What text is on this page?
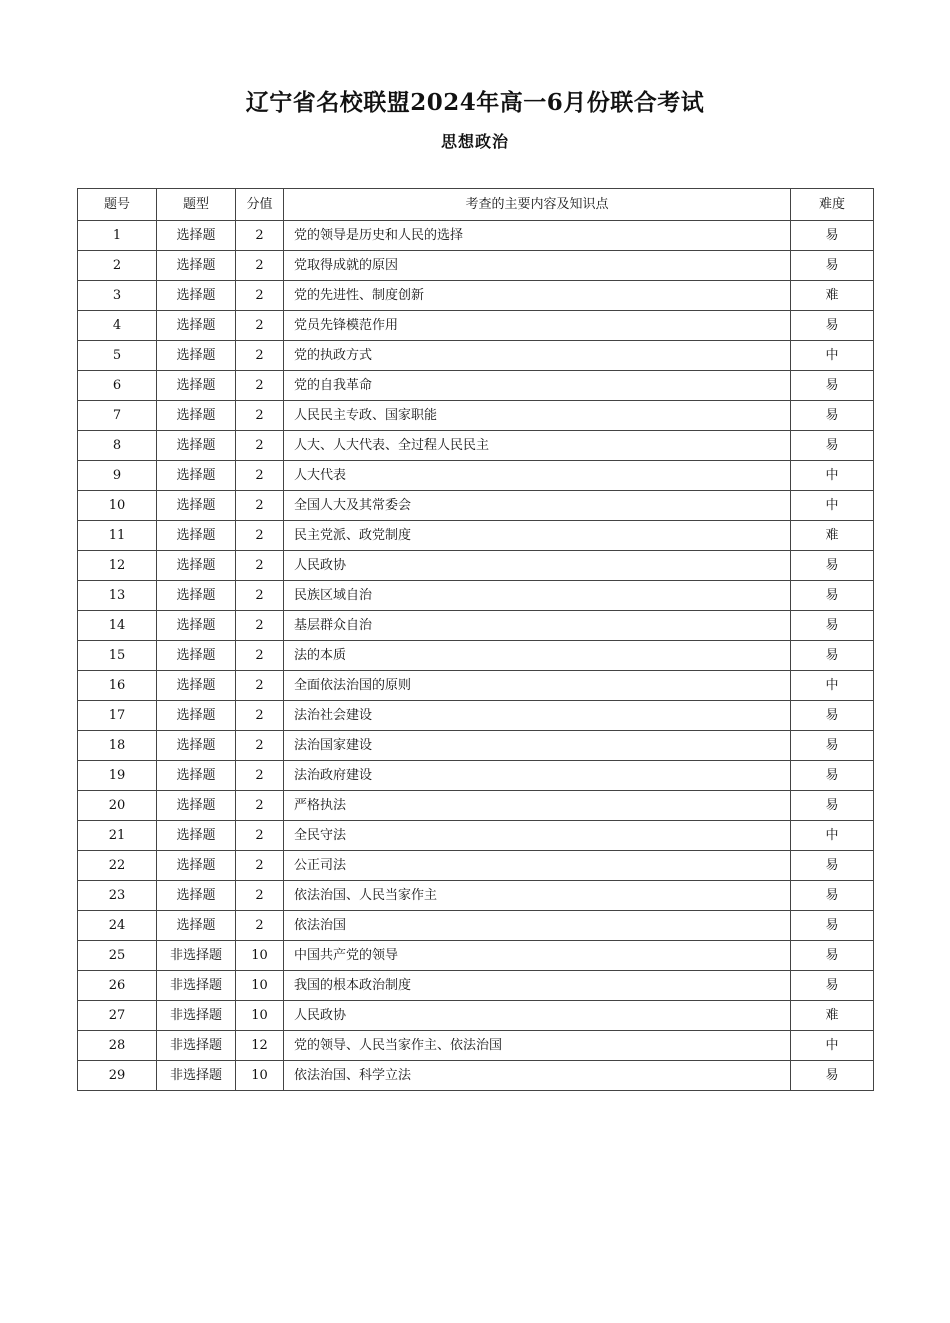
辽宁省名校联盟2024年高一6月份联合考试
思想政治
题号	题型	分值	考查的主要内容及知识点	难度
1	选择题	2	党的领导是历史和人民的选择	易
2	选择题	2	党取得成就的原因	易
3	选择题	2	党的先进性、制度创新	难
4	选择题	2	党员先锋模范作用	易
5	选择题	2	党的执政方式	中
6	选择题	2	党的自我革命	易
7	选择题	2	人民民主专政、国家职能	易
8	选择题	2	人大、人大代表、全过程人民民主	易
9	选择题	2	人大代表	中
10	选择题	2	全国人大及其常委会	中
11	选择题	2	民主党派、政党制度	难
12	选择题	2	人民政协	易
13	选择题	2	民族区域自治	易
14	选择题	2	基层群众自治	易
15	选择题	2	法的本质	易
16	选择题	2	全面依法治国的原则	中
17	选择题	2	法治社会建设	易
18	选择题	2	法治国家建设	易
19	选择题	2	法治政府建设	易
20	选择题	2	严格执法	易
21	选择题	2	全民守法	中
22	选择题	2	公正司法	易
23	选择题	2	依法治国、人民当家作主	易
24	选择题	2	依法治国	易
25	非选择题	10	中国共产党的领导	易
26	非选择题	10	我国的根本政治制度	易
27	非选择题	10	人民政协	难
28	非选择题	12	党的领导、人民当家作主、依法治国	中
29	非选择题	10	依法治国、科学立法	易
